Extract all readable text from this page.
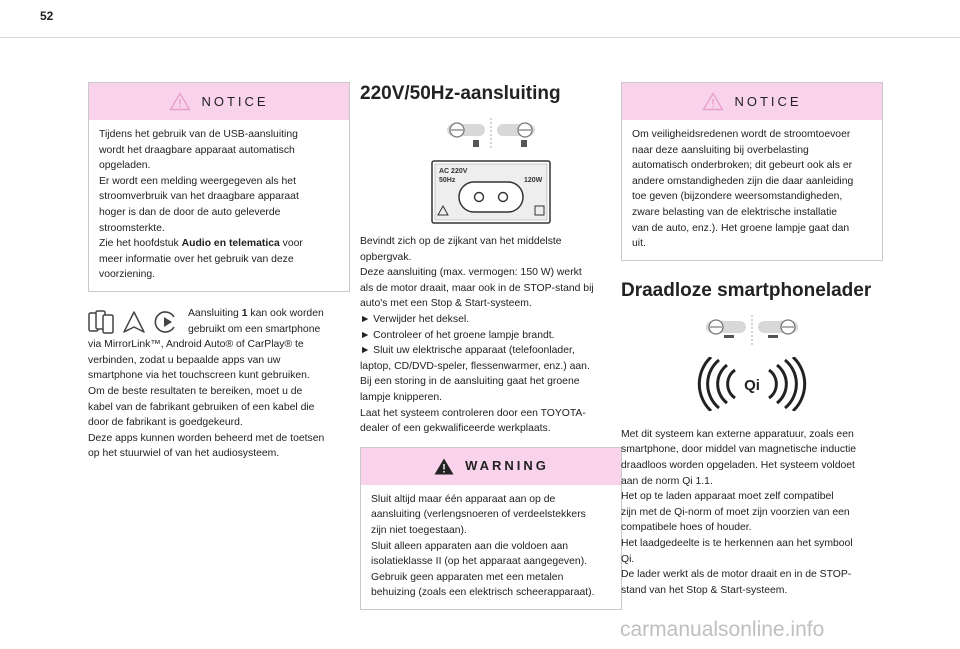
52
NOTICE
Tijdens het gebruik van de USB-aansluiting
wordt het draagbare apparaat automatisch
opgeladen.
Er wordt een melding weergegeven als het
stroomverbruik van het draagbare apparaat
hoger is dan de door de auto geleverde
stroomsterkte.
Zie het hoofdstuk Audio en telematica voor
meer informatie over het gebruik van deze
voorziening.
Aansluiting 1 kan ook worden
gebruikt om een smartphone
via MirrorLink™, Android Auto® of CarPlay® te
verbinden, zodat u bepaalde apps van uw
smartphone via het touchscreen kunt gebruiken.
Om de beste resultaten te bereiken, moet u de
kabel van de fabrikant gebruiken of een kabel die
door de fabrikant is goedgekeurd.
Deze apps kunnen worden beheerd met de toetsen
op het stuurwiel of van het audiosysteem.
220V/50Hz-aansluiting
AC 220V
50Hz	120W
Bevindt zich op de zijkant van het middelste
opbergvak.
Deze aansluiting (max. vermogen: 150 W) werkt
als de motor draait, maar ook in de STOP-stand bij
auto's met een Stop & Start-systeem.
► Verwijder het deksel.
► Controleer of het groene lampje brandt.
► Sluit uw elektrische apparaat (telefoonlader,
laptop, CD/DVD-speler, flessenwarmer, enz.) aan.
Bij een storing in de aansluiting gaat het groene
lampje knipperen.
Laat het systeem controleren door een TOYOTA-
dealer of een gekwalificeerde werkplaats.
WARNING
Sluit altijd maar één apparaat aan op de
aansluiting (verlengsnoeren of verdeelstekkers
zijn niet toegestaan).
Sluit alleen apparaten aan die voldoen aan
isolatieklasse II (op het apparaat aangegeven).
Gebruik geen apparaten met een metalen
behuizing (zoals een elektrisch scheerapparaat).
NOTICE
Om veiligheidsredenen wordt de stroomtoevoer
naar deze aansluiting bij overbelasting
automatisch onderbroken; dit gebeurt ook als er
andere omstandigheden zijn die daar aanleiding
toe geven (bijzondere weersomstandigheden,
zware belasting van de elektrische installatie
van de auto, enz.). Het groene lampje gaat dan
uit.
Draadloze smartphonelader
Qi
Met dit systeem kan externe apparatuur, zoals een
smartphone, door middel van magnetische inductie
draadloos worden opgeladen. Het systeem voldoet
aan de norm Qi 1.1.
Het op te laden apparaat moet zelf compatibel
zijn met de Qi-norm of moet zijn voorzien van een
compatibele hoes of houder.
Het laadgedeelte is te herkennen aan het symbool
Qi.
De lader werkt als de motor draait en in de STOP-
stand van het Stop & Start-systeem.
carmanualsonline.info
